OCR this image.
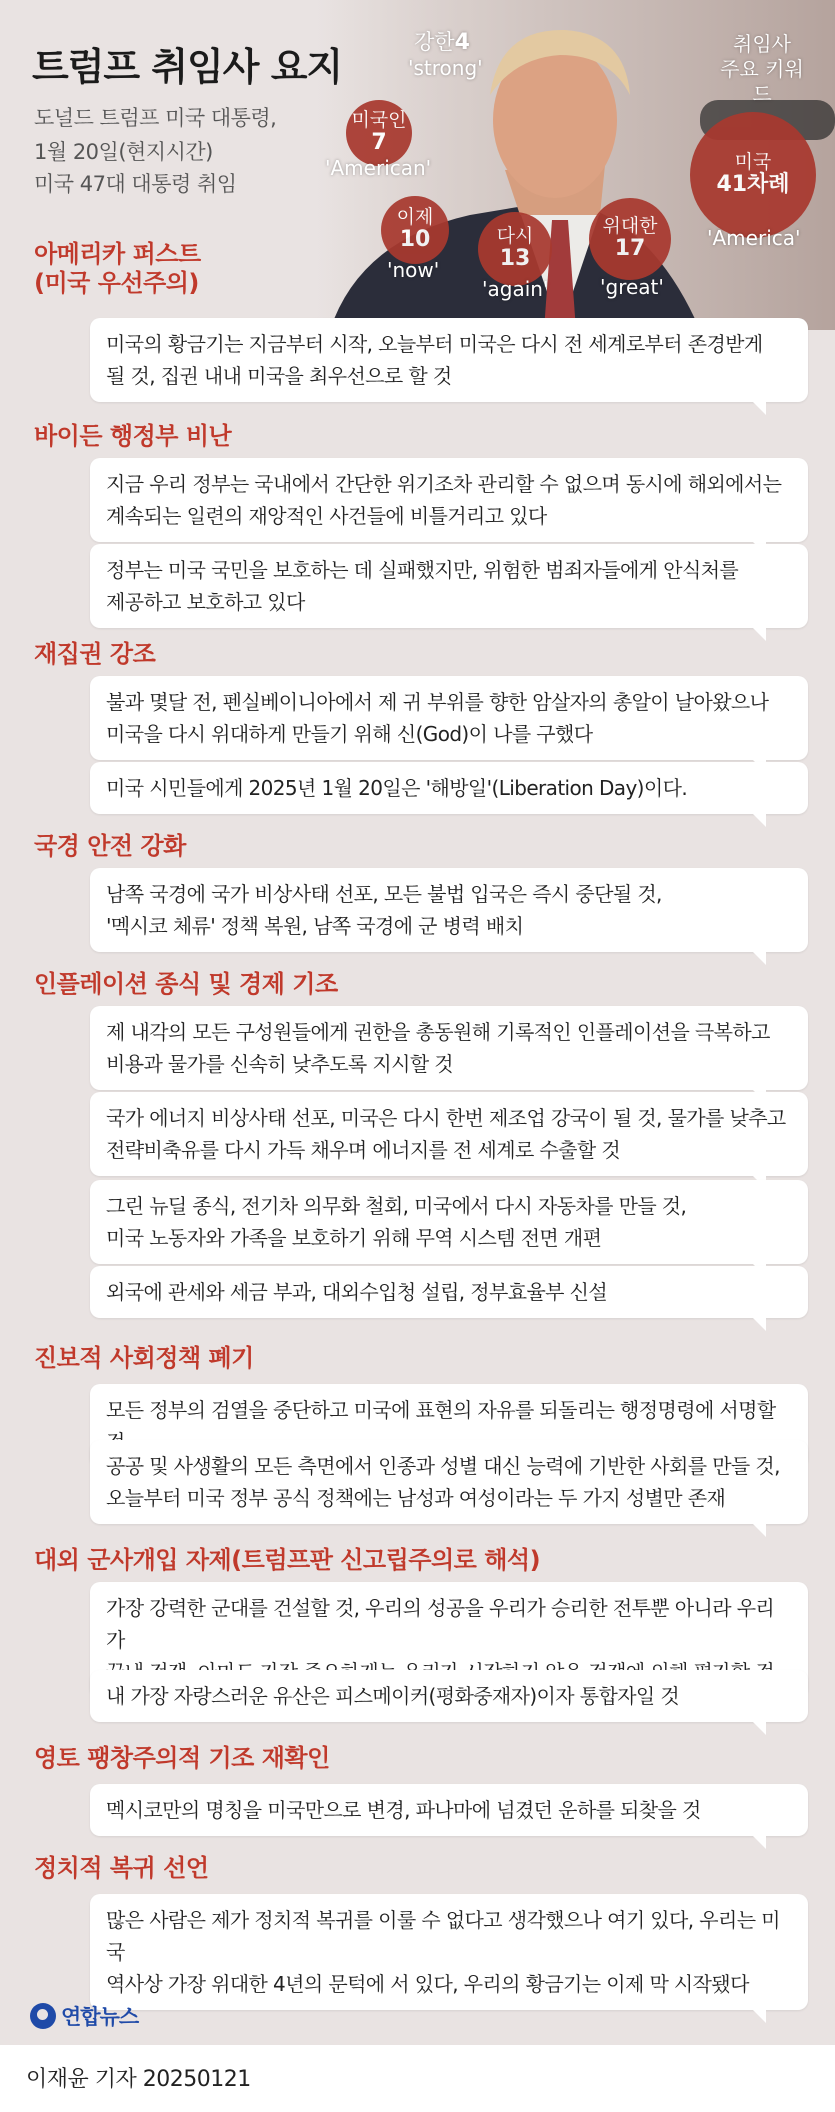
트럼프 취임사 요지
도널드 트럼프 미국 대통령,
1월 20일(현지시간)
미국 47대 대통령 취임
취임사
주요 키워드
강한4
'strong'
미국인
7
'American'
이제
10
'now'
다시
13
'again'
위대한
17
'great'
미국
41차례
'America'
아메리카 퍼스트
(미국 우선주의)
미국의 황금기는 지금부터 시작, 오늘부터 미국은 다시 전 세계로부터 존경받게
될 것, 집권 내내 미국을 최우선으로 할 것
바이든 행정부 비난
지금 우리 정부는 국내에서 간단한 위기조차 관리할 수 없으며 동시에 해외에서는
계속되는 일련의 재앙적인 사건들에 비틀거리고 있다
정부는 미국 국민을 보호하는 데 실패했지만, 위험한 범죄자들에게 안식처를
제공하고 보호하고 있다
재집권 강조
불과 몇달 전, 펜실베이니아에서 제 귀 부위를 향한 암살자의 총알이 날아왔으나
미국을 다시 위대하게 만들기 위해 신(God)이 나를 구했다
미국 시민들에게 2025년 1월 20일은 '해방일'(Liberation Day)이다.
국경 안전 강화
남쪽 국경에 국가 비상사태 선포, 모든 불법 입국은 즉시 중단될 것,
'멕시코 체류' 정책 복원, 남쪽 국경에 군 병력 배치
인플레이션 종식 및 경제 기조
제 내각의 모든 구성원들에게 권한을 총동원해 기록적인 인플레이션을 극복하고
비용과 물가를 신속히 낮추도록 지시할 것
국가 에너지 비상사태 선포, 미국은 다시 한번 제조업 강국이 될 것, 물가를 낮추고
전략비축유를 다시 가득 채우며 에너지를 전 세계로 수출할 것
그린 뉴딜 종식, 전기차 의무화 철회, 미국에서 다시 자동차를 만들 것,
미국 노동자와 가족을 보호하기 위해 무역 시스템 전면 개편
외국에 관세와 세금 부과, 대외수입청 설립, 정부효율부 신설
진보적 사회정책 폐기
모든 정부의 검열을 중단하고 미국에 표현의 자유를 되돌리는 행정명령에 서명할
공공 및 사생활의 모든 측면에서 인종과 성별 대신 능력에 기반한 사회를 만들 것,
오늘부터 미국 정부 공식 정책에는 남성과 여성이라는 두 가지 성별만 존재
대외 군사개입 자제(트럼프판 신고립주의로 해석)
가장 강력한 군대를 건설할 것, 우리의 성공을 우리가 승리한 전투뿐 아니라 우리가
내 가장 자랑스러운 유산은 피스메이커(평화중재자)이자 통합자일 것
영토 팽창주의적 기조 재확인
멕시코만의 명칭을 미국만으로 변경, 파나마에 넘겼던 운하를 되찾을 것
정치적 복귀 선언
많은 사람은 제가 정치적 복귀를 이룰 수 없다고 생각했으나 여기 있다, 우리는 미국
역사상 가장 위대한 4년의 문턱에 서 있다, 우리의 황금기는 이제 막 시작됐다
연합뉴스
이재윤 기자 20250121
